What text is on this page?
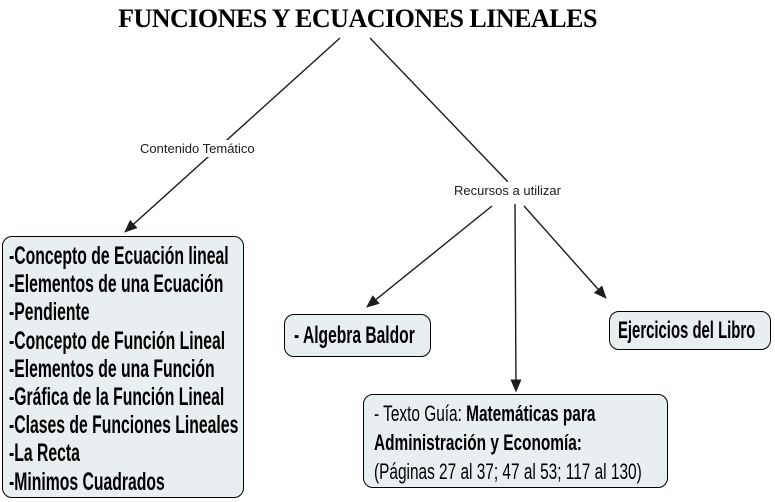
FUNCIONES Y ECUACIONES LINEALES
Contenido Temático
Recursos a utilizar
-Concepto de Ecuación lineal
-Elementos de una Ecuación
-Pendiente
-Concepto de Función Lineal
-Elementos de una Función
-Gráfica de la Función Lineal
-Clases de Funciones Lineales
-La Recta
-Minimos Cuadrados
- Algebra Baldor	Ejercicios del Libro
- Texto Guía: Matemáticas para
Administración y Economía:
(Páginas 27 al 37; 47 al 53; 117 al 130)
